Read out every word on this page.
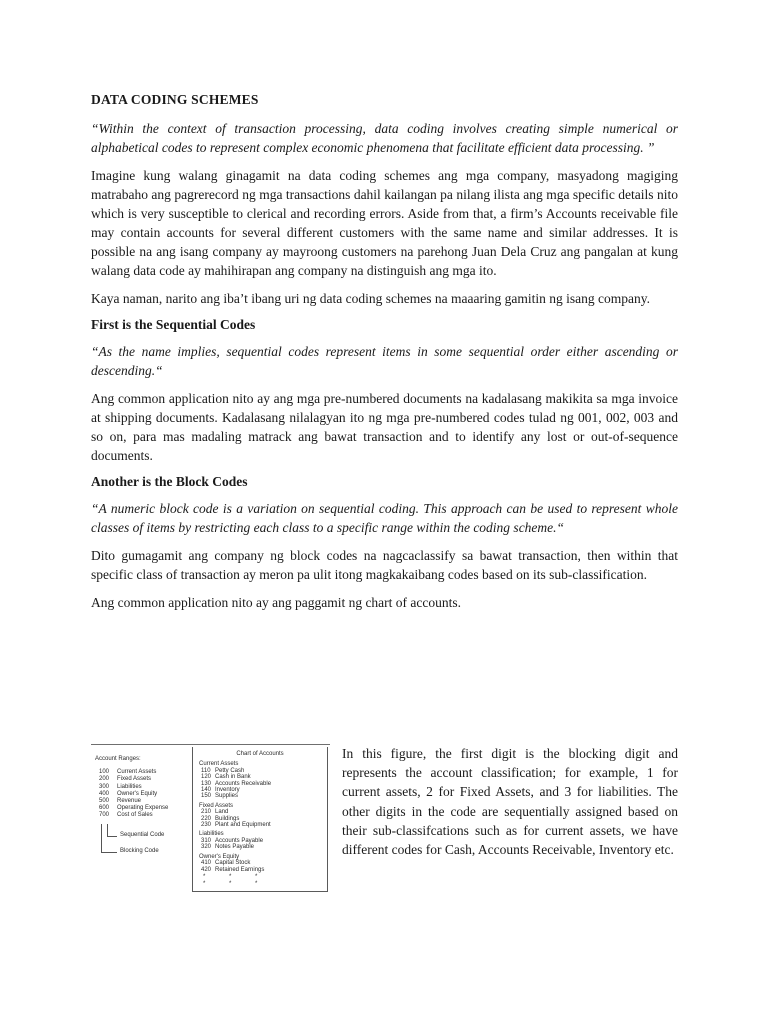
DATA CODING SCHEMES

“Within the context of transaction processing, data coding involves creating simple numerical or alphabetical codes to represent complex economic phenomena that facilitate efficient data processing. ”

Imagine kung walang ginagamit na data coding schemes ang mga company, masyadong magiging matrabaho ang pagrerecord ng mga transactions dahil kailangan pa nilang ilista ang mga specific details nito which is very susceptible to clerical and recording errors. Aside from that, a firm’s Accounts receivable file may contain accounts for several different customers with the same name and similar addresses. It is possible na ang isang company ay mayroong customers na parehong Juan Dela Cruz ang pangalan at kung walang data code ay mahihirapan ang company na distinguish ang mga ito.

Kaya naman, narito ang iba’t ibang uri ng data coding schemes na maaaring gamitin ng isang company.

First is the Sequential Codes

“As the name implies, sequential codes represent items in some sequential order either ascending or descending.“

Ang common application nito ay ang mga pre-numbered documents na kadalasang makikita sa mga invoice at shipping documents. Kadalasang nilalagyan ito ng mga pre-numbered codes tulad ng 001, 002, 003 and so on, para mas madaling matrack ang bawat transaction and to identify any lost or out-of-sequence documents.

Another is the Block Codes

“A numeric block code is a variation on sequential coding. This approach can be used to represent whole classes of items by restricting each class to a specific range within the coding scheme.“

Dito gumagamit ang company ng block codes na nagcaclassify sa bawat transaction, then within that specific class of transaction ay meron pa ulit itong magkakaibang codes based on its sub-classification.

Ang common application nito ay ang paggamit ng chart of accounts.

Account Ranges:
100	Current Assets
200	Fixed Assets
300	Liabilities
400	Owner's Equity
500	Revenue
600	Operating Expense
700	Cost of Sales
Sequential Code
Blocking Code
Chart of Accounts
Current Assets
110 Petty Cash
120 Cash in Bank
130 Accounts Receivable
140 Inventory
150 Supplies
Fixed Assets
210 Land
220 Buildings
230 Plant and Equipment
Liabilities
310 Accounts Payable
320 Notes Payable
Owner's Equity
410 Capital Stock
420 Retained Earnings
*	*	*
*	*	*
In this figure, the first digit is the blocking digit and represents the account classification; for example, 1 for current assets, 2 for Fixed Assets, and 3 for liabilities. The other digits in the code are sequentially assigned based on their sub-classifcations such as for current assets, we have different codes for Cash, Accounts Receivable, Inventory etc.
